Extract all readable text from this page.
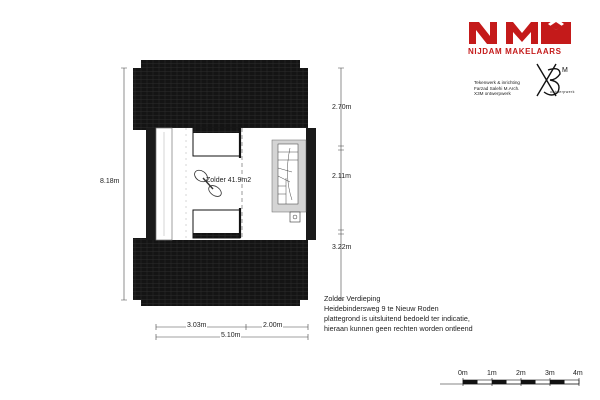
M
Zolder 41.9m2
2.70m
2.11m
3.22m
8.18m
3.03m	2.00m
5.10m
Zolder Verdieping
Heidebindersweg 9 te Nieuw Roden
plattegrond is uitsluitend bedoeld ter indicatie,
hieraan kunnen geen rechten worden ontleend
NIJDAM MAKELAARS
Tekenwerk & inrichting
Farzad Salehi M.Arch.
X3M ontwerpwerk	ontwerpwerk
0m	1m	2m	3m	4m
